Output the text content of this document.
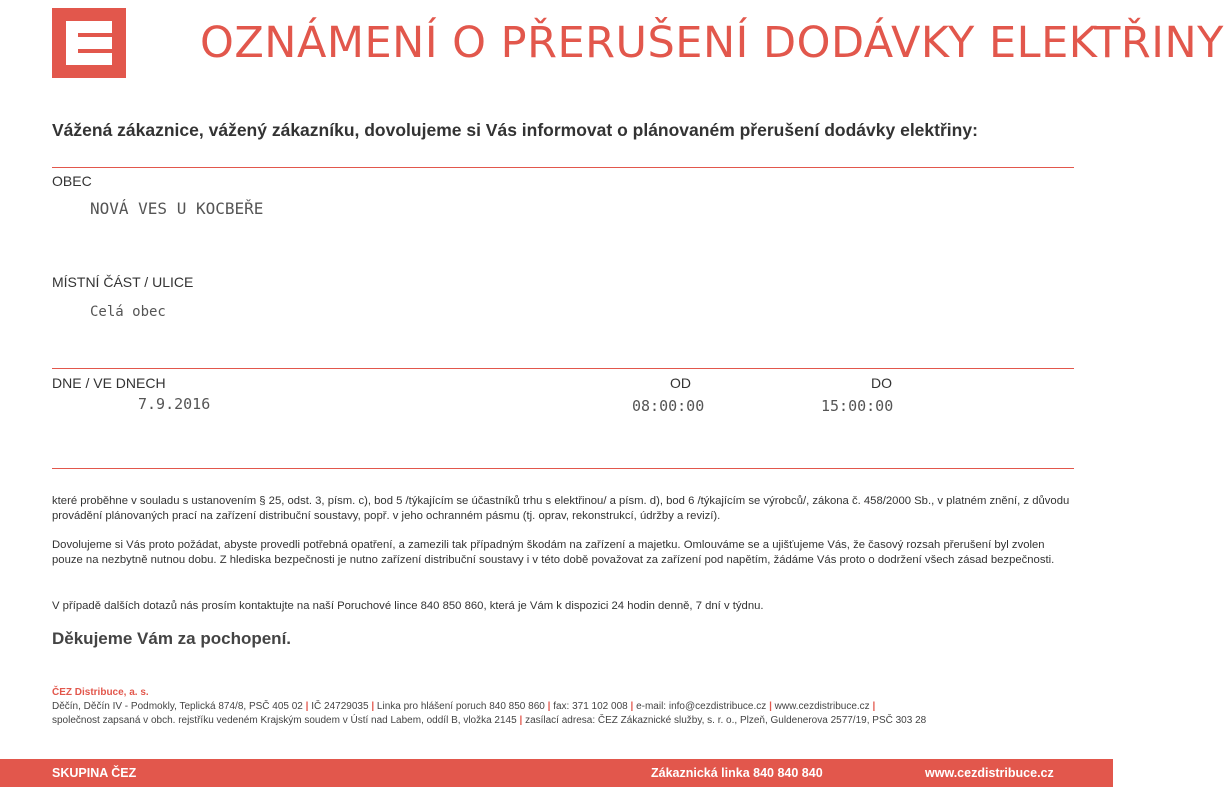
OZNÁMENÍ O PŘERUŠENÍ DODÁVKY ELEKTŘINY
Vážená zákaznice, vážený zákazníku, dovolujeme si Vás informovat o plánovaném přerušení dodávky elektřiny:
OBEC
NOVÁ VES U KOCBEŘE
MÍSTNÍ ČÁST / ULICE
Celá obec
DNE / VE DNECH
7.9.2016
OD
08:00:00
DO
15:00:00
které proběhne v souladu s ustanovením § 25, odst. 3, písm. c), bod 5 /týkajícím se účastníků trhu s elektřinou/ a písm. d), bod 6 /týkajícím se výrobců/, zákona č. 458/2000 Sb., v platném znění, z důvodu provádění plánovaných prací na zařízení distribuční soustavy, popř. v jeho ochranném pásmu (tj. oprav, rekonstrukcí, údržby a revizí).
Dovolujeme si Vás proto požádat, abyste provedli potřebná opatření, a zamezili tak případným škodám na zařízení a majetku. Omlouváme se a ujišťujeme Vás, že časový rozsah přerušení byl zvolen pouze na nezbytně nutnou dobu. Z hlediska bezpečnosti je nutno zařízení distribuční soustavy i v této době považovat za zařízení pod napětím, žádáme Vás proto o dodržení všech zásad bezpečnosti.
V případě dalších dotazů nás prosím kontaktujte na naší Poruchové lince 840 850 860, která je Vám k dispozici 24 hodin denně, 7 dní v týdnu.
Děkujeme Vám za pochopení.
ČEZ Distribuce, a. s.
Děčín, Děčín IV - Podmokly, Teplická 874/8, PSČ 405 02 | IČ 24729035 | Linka pro hlášení poruch 840 850 860 | fax: 371 102 008 | e-mail: info@cezdistribuce.cz | www.cezdistribuce.cz |
společnost zapsaná v obch. rejstříku vedeném Krajským soudem v Ústí nad Labem, oddíl B, vložka 2145 | zasílací adresa: ČEZ Zákaznické služby, s. r. o., Plzeň, Guldenerova 2577/19, PSČ 303 28
SKUPINA ČEZ	Zákaznická linka 840 840 840	www.cezdistribuce.cz
